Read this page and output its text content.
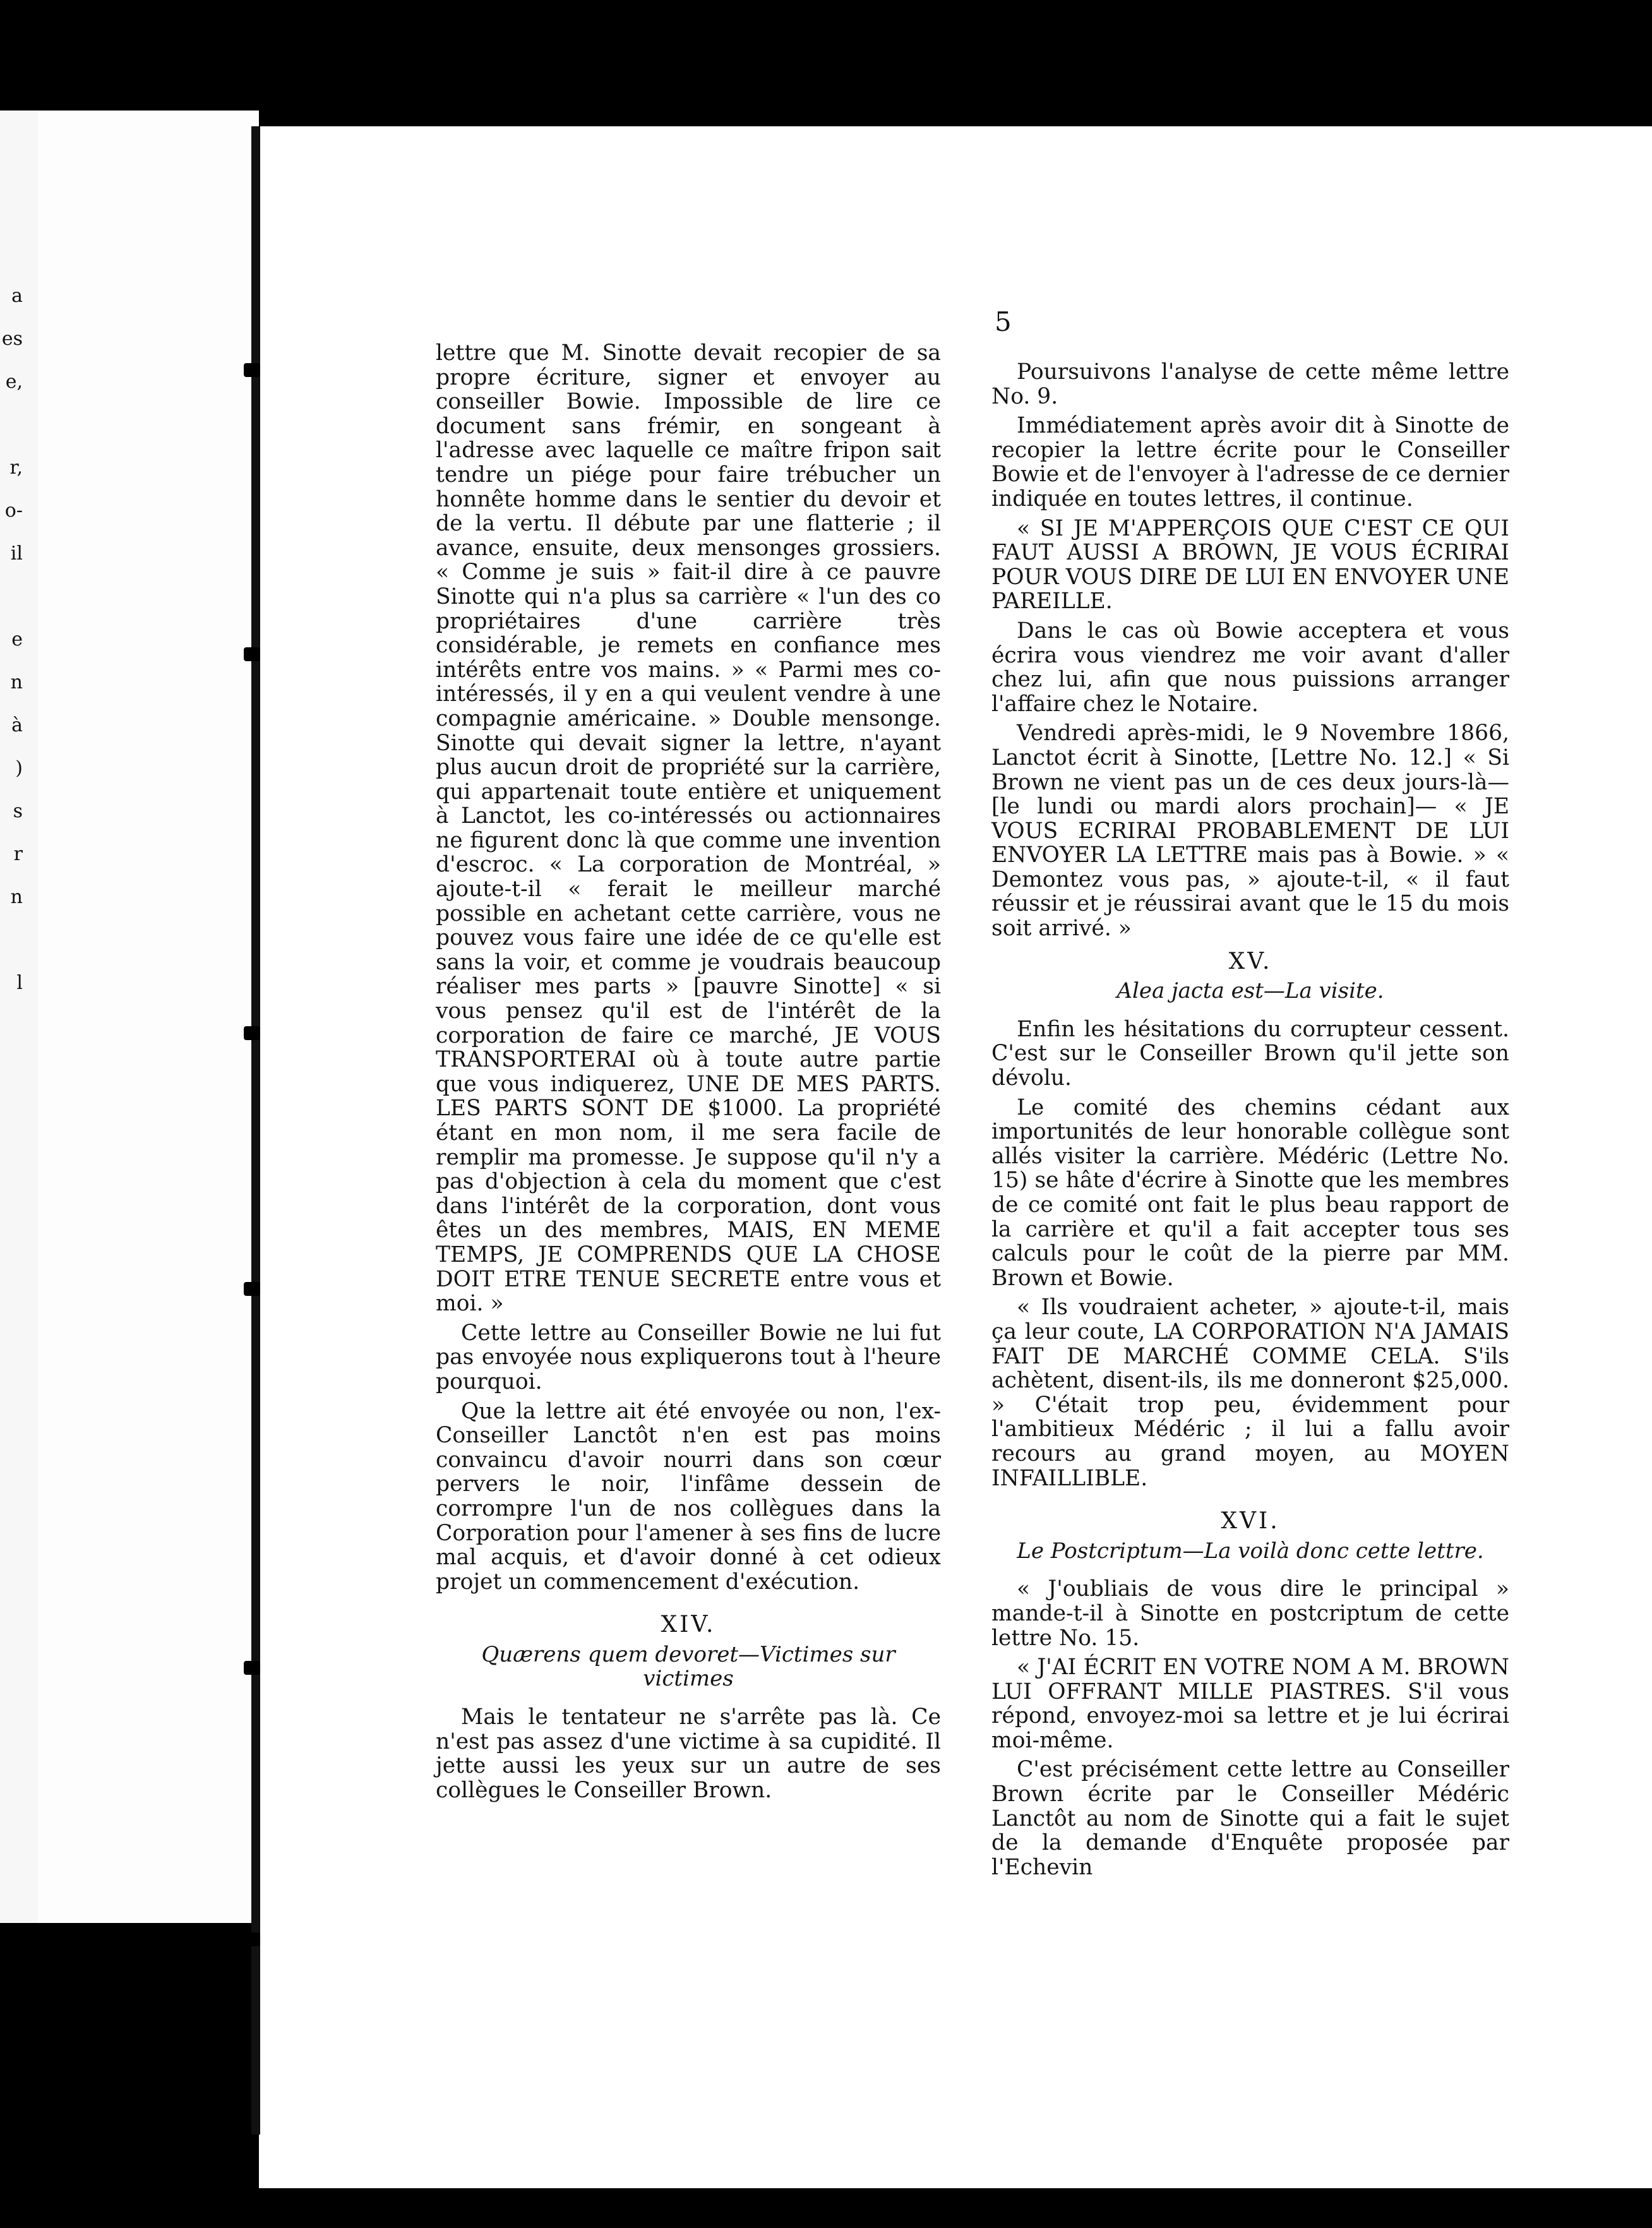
a
es
e,

r,
o-
il

e
n
à
)
s
r
n

l
5

lettre que M. Sinotte devait recopier de sa propre écriture, signer et envoyer au conseiller Bowie. Impossible de lire ce document sans frémir, en songeant à l'adresse avec laquelle ce maître fripon sait tendre un piége pour faire trébucher un honnête homme dans le sentier du devoir et de la vertu. Il débute par une flatterie ; il avance, ensuite, deux mensonges grossiers. « Comme je suis » fait-il dire à ce pauvre Sinotte qui n'a plus sa carrière « l'un des co propriétaires d'une carrière très considérable, je remets en confiance mes intérêts entre vos mains. » « Parmi mes co-intéressés, il y en a qui veulent vendre à une compagnie américaine. » Double mensonge. Sinotte qui devait signer la lettre, n'ayant plus aucun droit de propriété sur la carrière, qui appartenait toute entière et uniquement à Lanctot, les co-intéressés ou actionnaires ne figurent donc là que comme une invention d'escroc. « La corporation de Montréal, » ajoute-t-il « ferait le meilleur marché possible en achetant cette carrière, vous ne pouvez vous faire une idée de ce qu'elle est sans la voir, et comme je voudrais beaucoup réaliser mes parts » [pauvre Sinotte] « si vous pensez qu'il est de l'intérêt de la corporation de faire ce marché, JE VOUS TRANSPORTERAI où à toute autre partie que vous indiquerez, UNE DE MES PARTS. LES PARTS SONT DE $1000. La propriété étant en mon nom, il me sera facile de remplir ma promesse. Je suppose qu'il n'y a pas d'objection à cela du moment que c'est dans l'intérêt de la corporation, dont vous êtes un des membres, MAIS, EN MEME TEMPS, JE COMPRENDS QUE LA CHOSE DOIT ETRE TENUE SECRETE entre vous et moi. »

Cette lettre au Conseiller Bowie ne lui fut pas envoyée nous expliquerons tout à l'heure pourquoi.

Que la lettre ait été envoyée ou non, l'ex-Conseiller Lanctôt n'en est pas moins convaincu d'avoir nourri dans son cœur pervers le noir, l'infâme dessein de corrompre l'un de nos collègues dans la Corporation pour l'amener à ses fins de lucre mal acquis, et d'avoir donné à cet odieux projet un commencement d'exécution.

XIV.
Quærens quem devoret—Victimes sur victimes

Mais le tentateur ne s'arrête pas là. Ce n'est pas assez d'une victime à sa cupidité. Il jette aussi les yeux sur un autre de ses collègues le Conseiller Brown.

Poursuivons l'analyse de cette même lettre No. 9.

Immédiatement après avoir dit à Sinotte de recopier la lettre écrite pour le Conseiller Bowie et de l'envoyer à l'adresse de ce dernier indiquée en toutes lettres, il continue.

« SI JE M'APPERÇOIS QUE C'EST CE QUI FAUT AUSSI A BROWN, JE VOUS ÉCRIRAI POUR VOUS DIRE DE LUI EN ENVOYER UNE PAREILLE.

Dans le cas où Bowie acceptera et vous écrira vous viendrez me voir avant d'aller chez lui, afin que nous puissions arranger l'affaire chez le Notaire.

Vendredi après-midi, le 9 Novembre 1866, Lanctot écrit à Sinotte, [Lettre No. 12.] « Si Brown ne vient pas un de ces deux jours-là— [le lundi ou mardi alors prochain]— « JE VOUS ECRIRAI PROBABLEMENT DE LUI ENVOYER LA LETTRE mais pas à Bowie. » « Demontez vous pas, » ajoute-t-il, « il faut réussir et je réussirai avant que le 15 du mois soit arrivé. »

XV.
Alea jacta est—La visite.

Enfin les hésitations du corrupteur cessent. C'est sur le Conseiller Brown qu'il jette son dévolu.

Le comité des chemins cédant aux importunités de leur honorable collègue sont allés visiter la carrière. Médéric (Lettre No. 15) se hâte d'écrire à Sinotte que les membres de ce comité ont fait le plus beau rapport de la carrière et qu'il a fait accepter tous ses calculs pour le coût de la pierre par MM. Brown et Bowie.

« Ils voudraient acheter, » ajoute-t-il, mais ça leur coute, LA CORPORATION N'A JAMAIS FAIT DE MARCHÉ COMME CELA. S'ils achètent, disent-ils, ils me donneront $25,000. » C'était trop peu, évidemment pour l'ambitieux Médéric ; il lui a fallu avoir recours au grand moyen, au MOYEN INFAILLIBLE.

XVI.
Le Postcriptum—La voilà donc cette lettre.

« J'oubliais de vous dire le principal » mande-t-il à Sinotte en postcriptum de cette lettre No. 15.

« J'AI ÉCRIT EN VOTRE NOM A M. BROWN LUI OFFRANT MILLE PIASTRES. S'il vous répond, envoyez-moi sa lettre et je lui écrirai moi-même.

C'est précisément cette lettre au Conseiller Brown écrite par le Conseiller Médéric Lanctôt au nom de Sinotte qui a fait le sujet de la demande d'Enquête proposée par l'Echevin
